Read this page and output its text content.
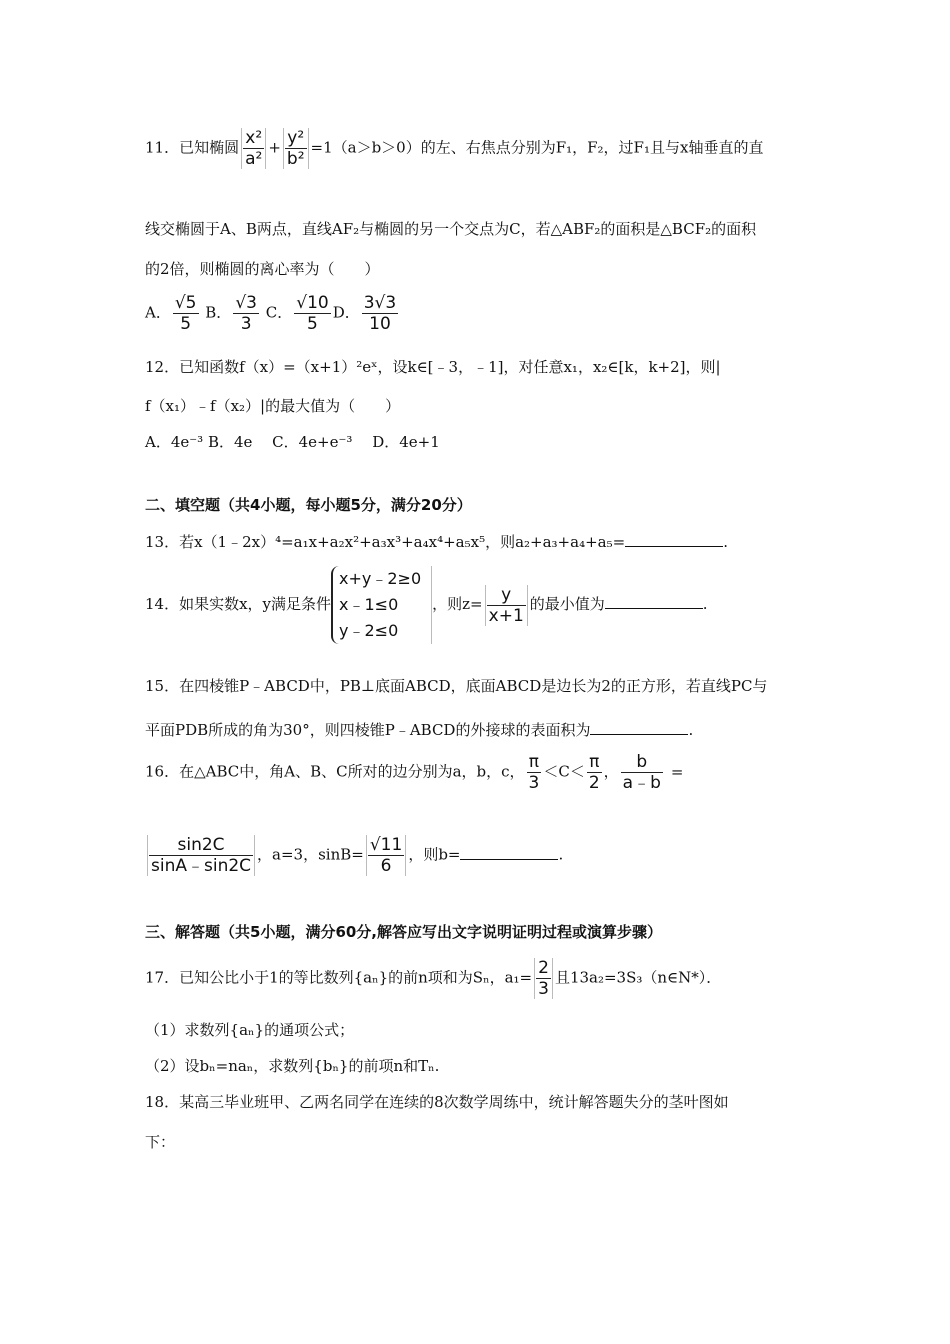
11．已知椭圆 $\frac{\text{x²}}{\text{a²}} + \frac{\text{y²}}{\text{b²}} =1(a>b>0)$的左、右焦点分别为F₁，F₂，过F₁且与x轴垂直的直
线交椭圆于A、B两点，直线AF₂与椭圆的另一个交点为C，若△ABF₂的面积是△BCF₂的面积
的2倍，则椭圆的离心率为（　　）
A． $\frac{√5}{5}$ B． $\frac{√3}{3}$ C． $\frac{√10}{5}$ D． $\frac{3√3}{10}$
12．已知函数f（x）=（x+1）²eˣ，设k∈[﹣3，﹣1]，对任意x₁，x₂∈[k，k+2]，则|
f（x₁）﹣f（x₂）|的最大值为（　　）
A．4e⁻³ B．4e　 C．4e+e⁻³　 D．4e+1
二、填空题（共4小题，每小题5分，满分20分）
13．若x（1﹣2x）⁴=a₁x+a₂x²+a₃x³+a₄x⁴+a₅x⁵，则a₂+a₃+a₄+a₅=	.
14．如果实数x，y满足条件
x+y﹣2≥0
x﹣1≤0
y﹣2≤0
，则$z= \frac{y}{x+1}$ 的最小值为	.
15．在四棱锥P﹣ABCD中，PB⊥底面ABCD，底面ABCD是边长为2的正方形，若直线PC与
平面PDB所成的角为30°，则四棱锥P﹣ABCD的外接球的表面积为	.
16．在△ABC中，角A、B、C所对的边分别为a，b，c， $\frac{\pi}{3} <C< \frac{\pi}{2}$ ， $\frac{b}{a﹣b}$ =
$\frac{\sin 2C}{\sin A﹣\sin 2C}$ ，a=3，$\sin B= \frac{√11}{6}$ ，则b=	.
三、解答题（共5小题，满分60分,解答应写出文字说明证明过程或演算步骤）
17．已知公比小于1的等比数列{aₙ}的前n项和为Sₙ，$a_1= \frac{2}{3}$ 且13a₂=3S₃（n∈N*）．
（1）求数列{aₙ}的通项公式；
（2）设bₙ=naₙ，求数列{bₙ}的前项n和Tₙ.
18．某高三毕业班甲、乙两名同学在连续的8次数学周练中，统计解答题失分的茎叶图如
下：
